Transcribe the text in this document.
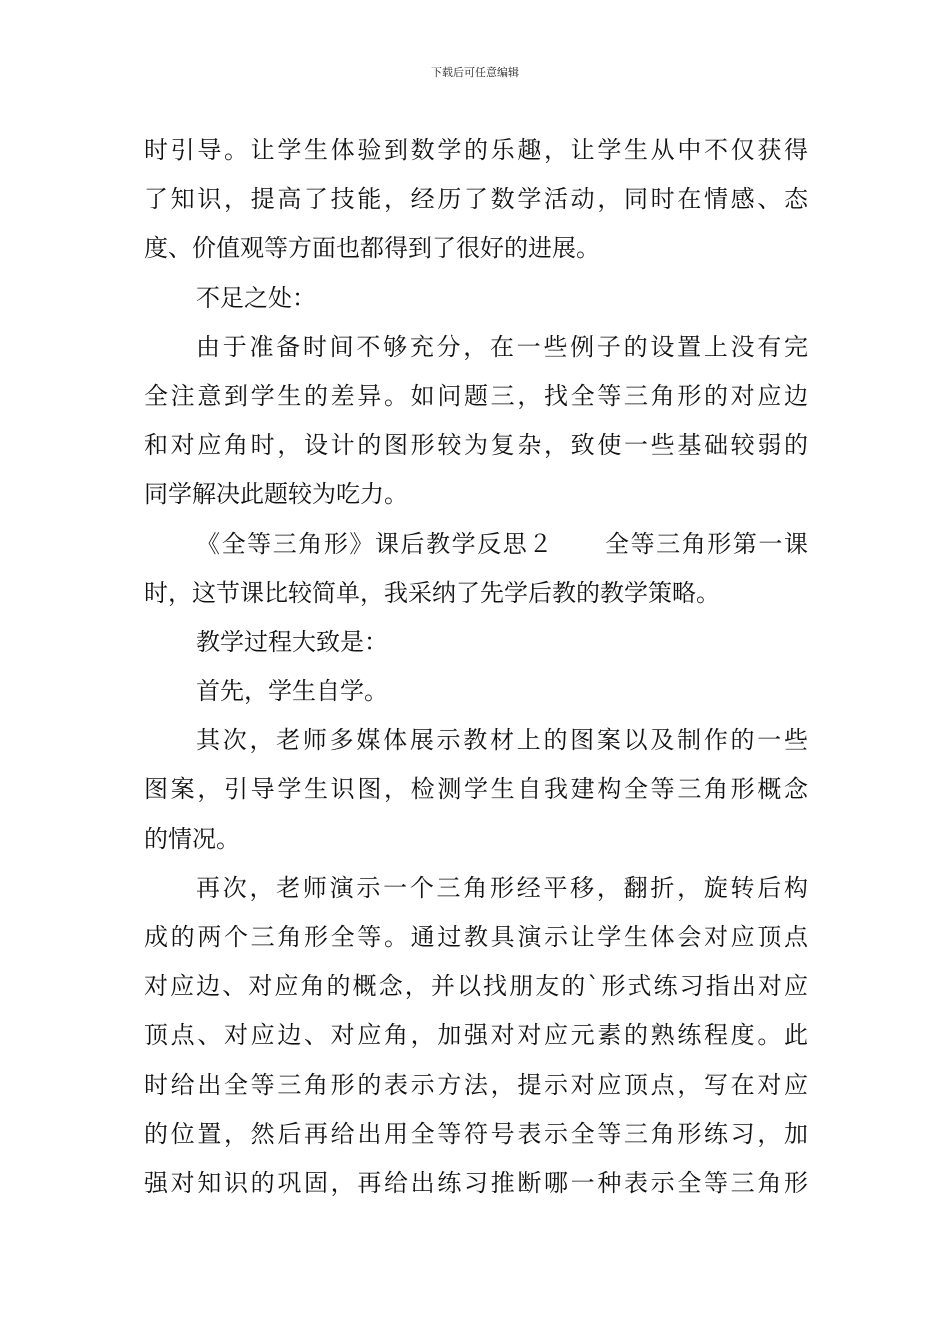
下载后可任意编辑
时引导。让学生体验到数学的乐趣，让学生从中不仅获得
了知识，提高了技能，经历了数学活动，同时在情感、态
度、价值观等方面也都得到了很好的进展。
不足之处：
由于准备时间不够充分，在一些例子的设置上没有完
全注意到学生的差异。如问题三，找全等三角形的对应边
和对应角时，设计的图形较为复杂，致使一些基础较弱的
同学解决此题较为吃力。
《全等三角形》课后教学反思２　　全等三角形第一课
时，这节课比较简单，我采纳了先学后教的教学策略。
教学过程大致是：
首先，学生自学。
其次，老师多媒体展示教材上的图案以及制作的一些
图案，引导学生识图，检测学生自我建构全等三角形概念
的情况。
再次，老师演示一个三角形经平移，翻折，旋转后构
成的两个三角形全等。通过教具演示让学生体会对应顶点
对应边、对应角的概念，并以找朋友的`形式练习指出对应
顶点、对应边、对应角，加强对对应元素的熟练程度。此
时给出全等三角形的表示方法，提示对应顶点，写在对应
的位置，然后再给出用全等符号表示全等三角形练习，加
强对知识的巩固，再给出练习推断哪一种表示全等三角形
